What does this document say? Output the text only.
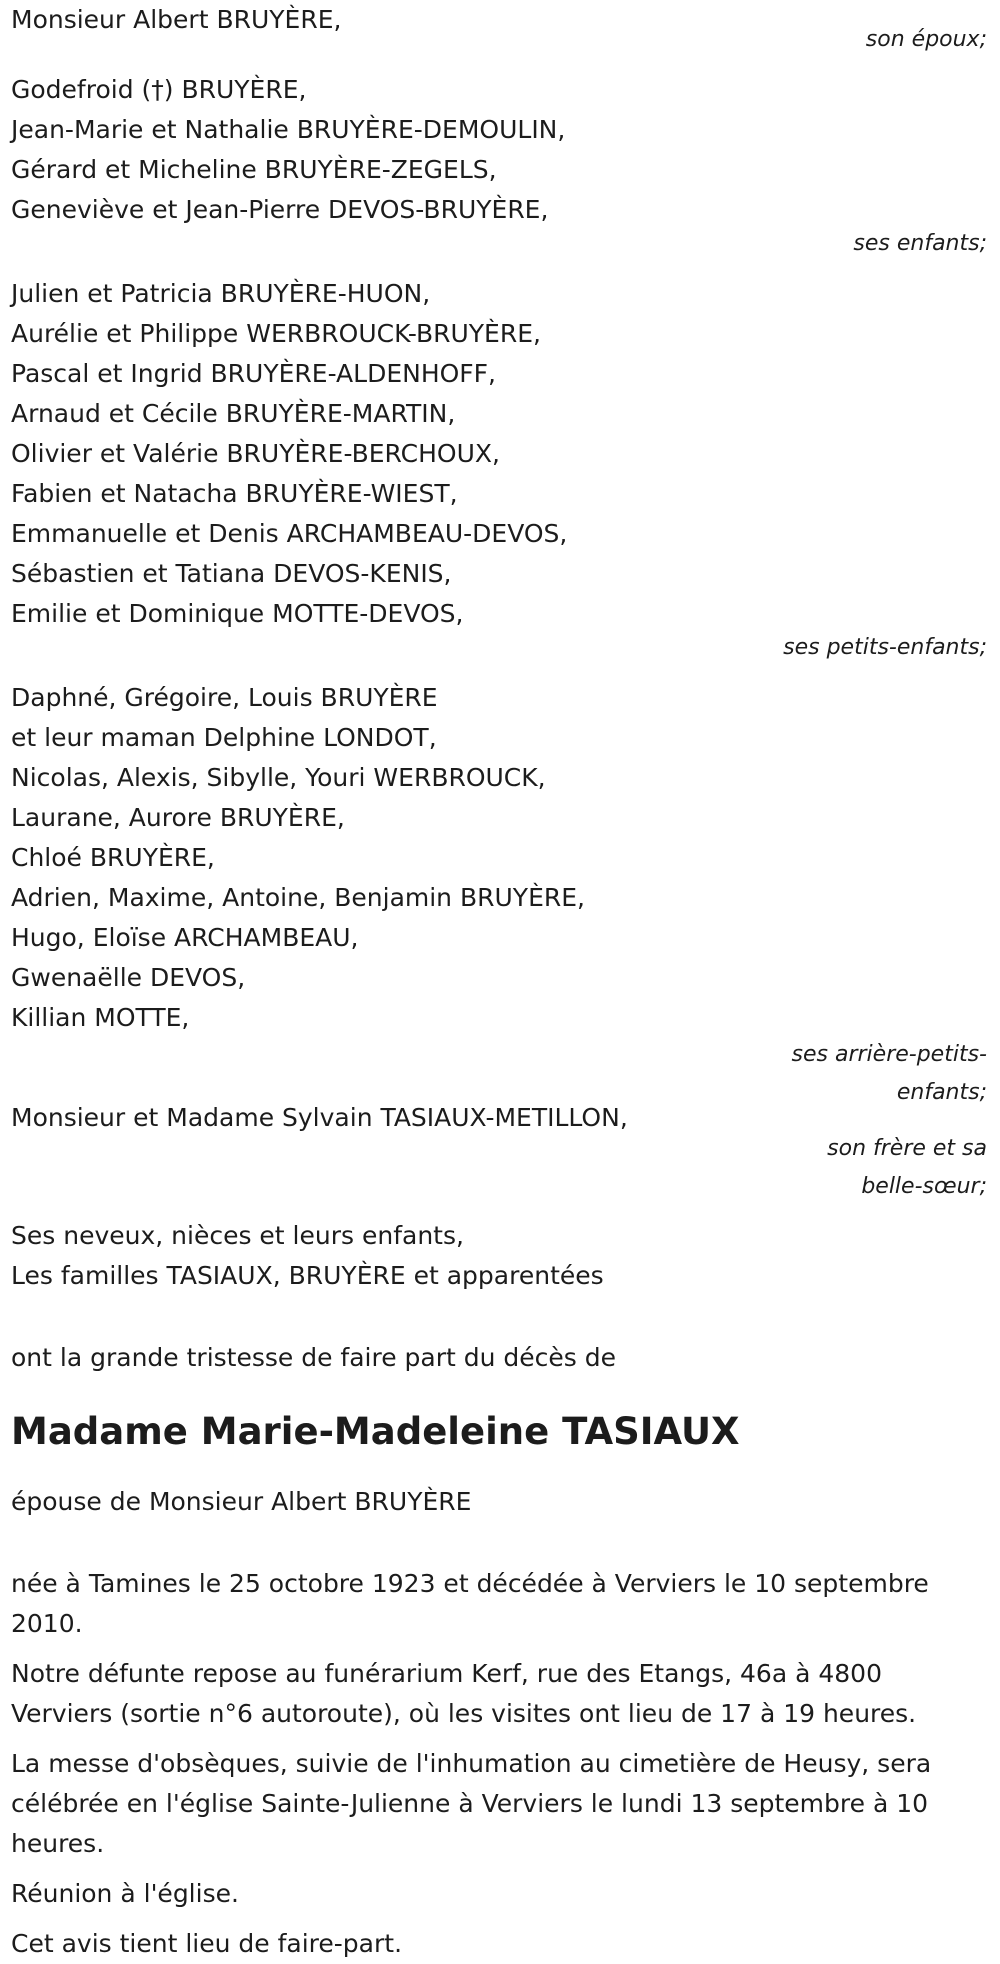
Monsieur Albert BRUYÈRE,
son époux;
Godefroid (†) BRUYÈRE,
Jean-Marie et Nathalie BRUYÈRE-DEMOULIN,
Gérard et Micheline BRUYÈRE-ZEGELS,
Geneviève et Jean-Pierre DEVOS-BRUYÈRE,
ses enfants;
Julien et Patricia BRUYÈRE-HUON,
Aurélie et Philippe WERBROUCK-BRUYÈRE,
Pascal et Ingrid BRUYÈRE-ALDENHOFF,
Arnaud et Cécile BRUYÈRE-MARTIN,
Olivier et Valérie BRUYÈRE-BERCHOUX,
Fabien et Natacha BRUYÈRE-WIEST,
Emmanuelle et Denis ARCHAMBEAU-DEVOS,
Sébastien et Tatiana DEVOS-KENIS,
Emilie et Dominique MOTTE-DEVOS,
ses petits-enfants;
Daphné, Grégoire, Louis BRUYÈRE
et leur maman Delphine LONDOT,
Nicolas, Alexis, Sibylle, Youri WERBROUCK,
Laurane, Aurore BRUYÈRE,
Chloé BRUYÈRE,
Adrien, Maxime, Antoine, Benjamin BRUYÈRE,
Hugo, Eloïse ARCHAMBEAU,
Gwenaëlle DEVOS,
Killian MOTTE,
ses arrière-petits-
enfants;
Monsieur et Madame Sylvain TASIAUX-METILLON,
son frère et sa
belle-sœur;
Ses neveux, nièces et leurs enfants,
Les familles TASIAUX, BRUYÈRE et apparentées
ont la grande tristesse de faire part du décès de
Madame Marie-Madeleine TASIAUX
épouse de Monsieur Albert BRUYÈRE

née à Tamines le 25 octobre 1923 et décédée à Verviers le 10 septembre 2010.

Notre défunte repose au funérarium Kerf, rue des Etangs, 46a à 4800 Verviers (sortie n°6 autoroute), où les visites ont lieu de 17 à 19 heures.

La messe d'obsèques, suivie de l'inhumation au cimetière de Heusy, sera célébrée en l'église Sainte-Julienne à Verviers le lundi 13 septembre à 10 heures.

Réunion à l'église.

Cet avis tient lieu de faire-part.
